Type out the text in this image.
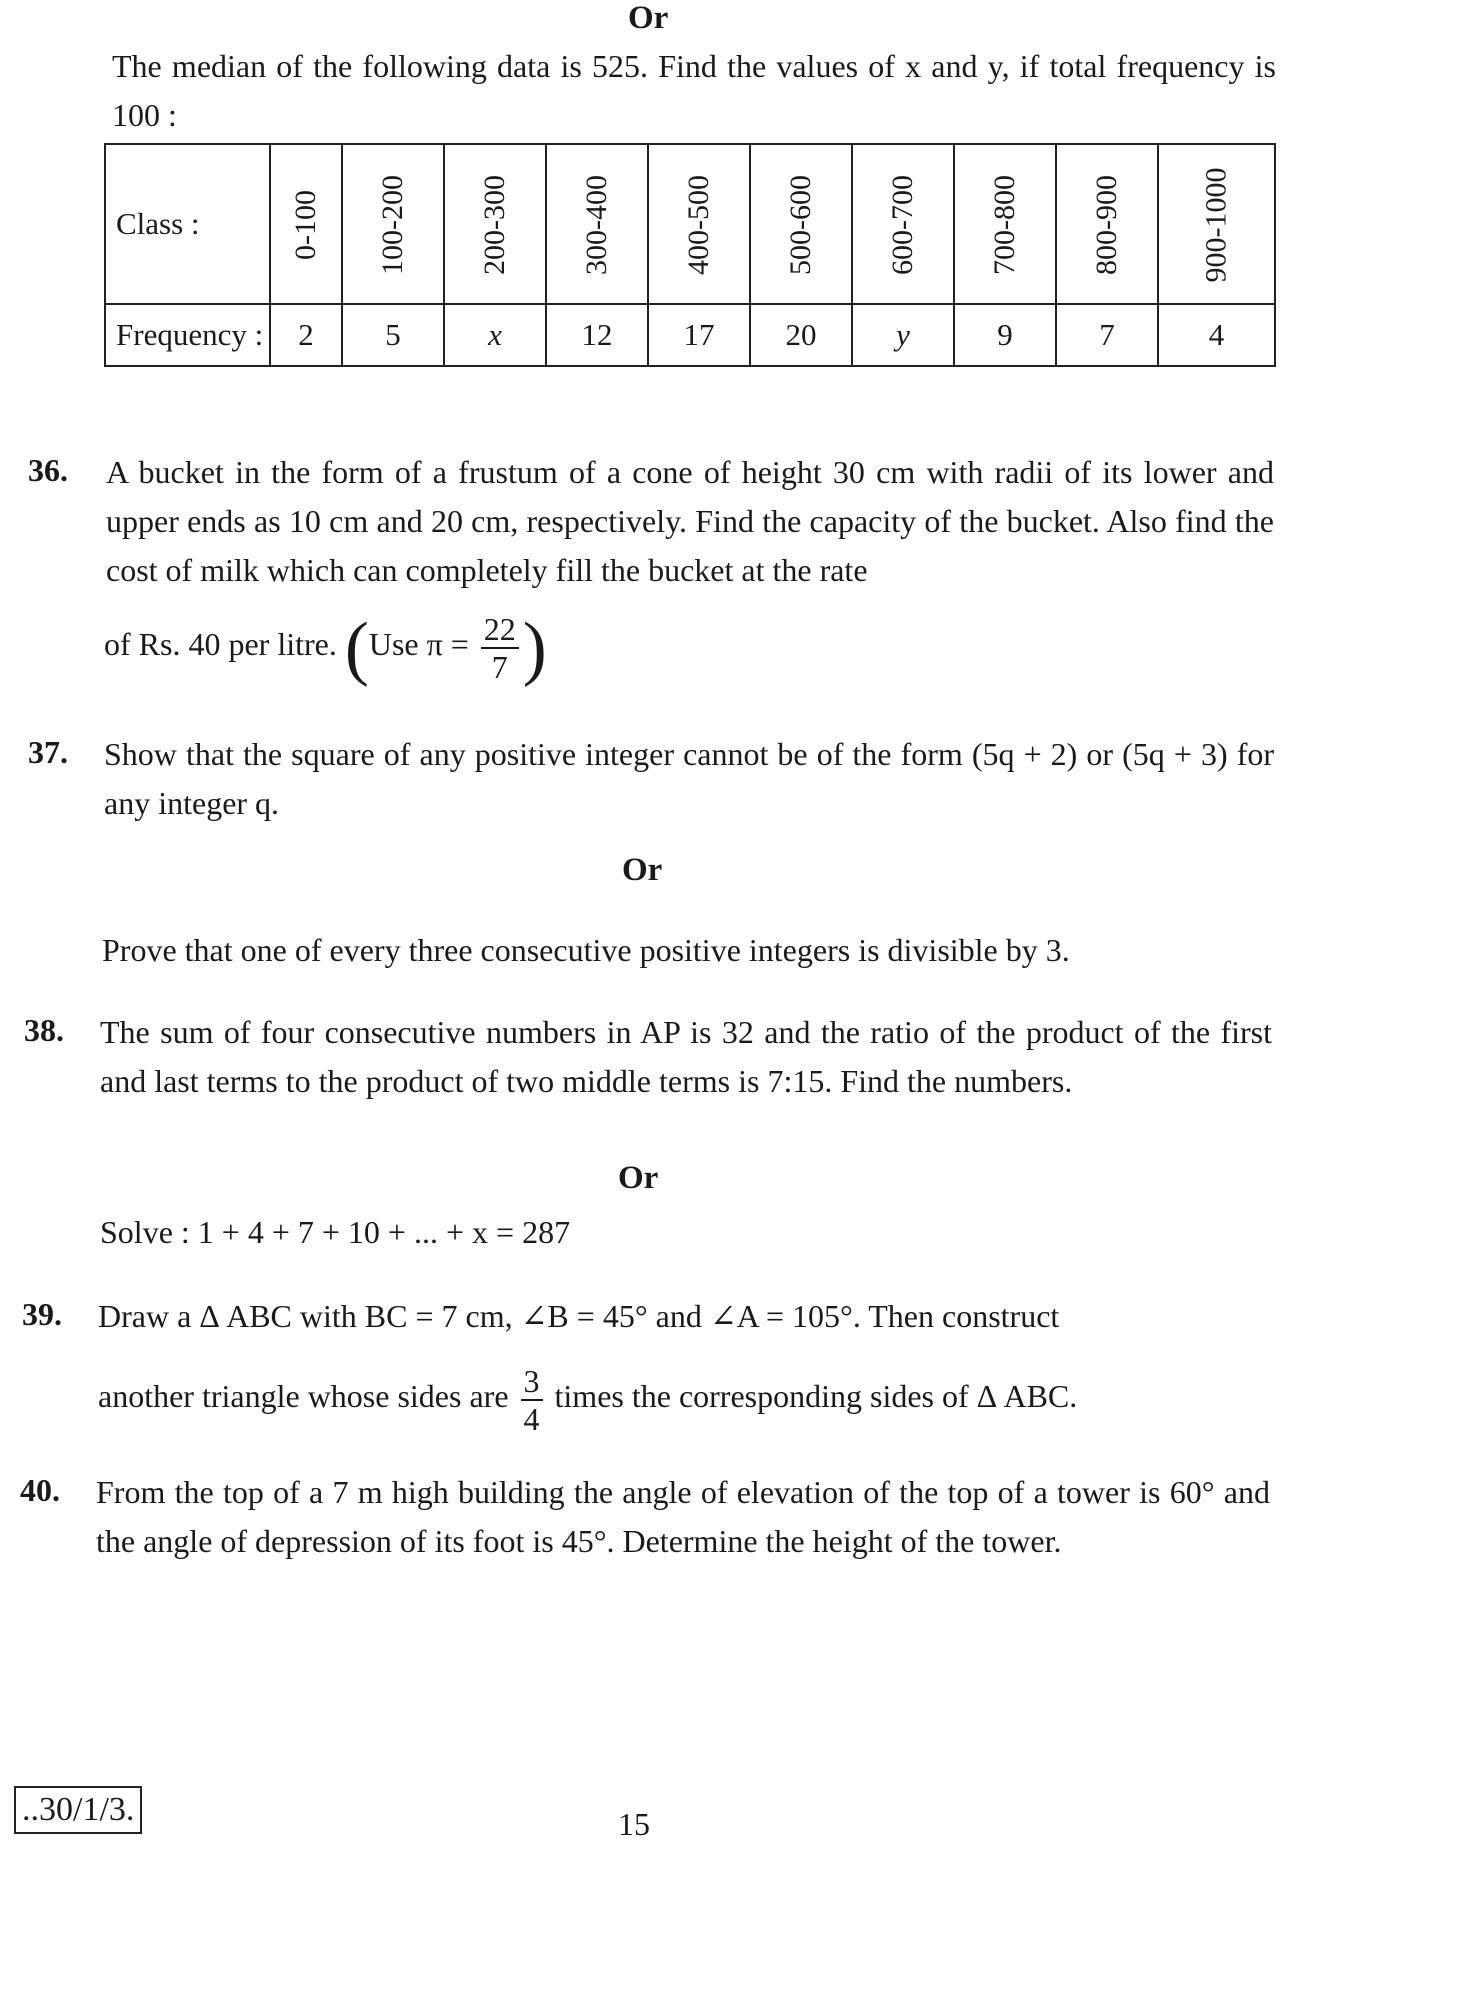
Or
The median of the following data is 525. Find the values of x and y, if total frequency is 100 :
Class :	0-100	100-200	200-300	300-400	400-500	500-600	600-700	700-800	800-900	900-1000
Frequency :	2	5	x	12	17	20	y	9	7	4
36. A bucket in the form of a frustum of a cone of height 30 cm with radii of its lower and upper ends as 10 cm and 20 cm, respectively. Find the capacity of the bucket. Also find the cost of milk which can completely fill the bucket at the rate
of Rs. 40 per litre. (Use $\pi = \frac{22}{7}$ )
37. Show that the square of any positive integer cannot be of the form (5q + 2) or (5q + 3) for any integer q.
Or
Prove that one of every three consecutive positive integers is divisible by 3.
38. The sum of four consecutive numbers in AP is 32 and the ratio of the product of the first and last terms to the product of two middle terms is 7:15. Find the numbers.
Or
Solve : 1 + 4 + 7 + 10 + ... + x = 287
39. Draw a Δ ABC with BC = 7 cm, ∠B = 45° and ∠A = 105°. Then construct
another triangle whose sides are $\frac{3}{4}$ times the corresponding sides of Δ ABC.
40. From the top of a 7 m high building the angle of elevation of the top of a tower is 60° and the angle of depression of its foot is 45°. Determine the height of the tower.
..30/1/3.	15
